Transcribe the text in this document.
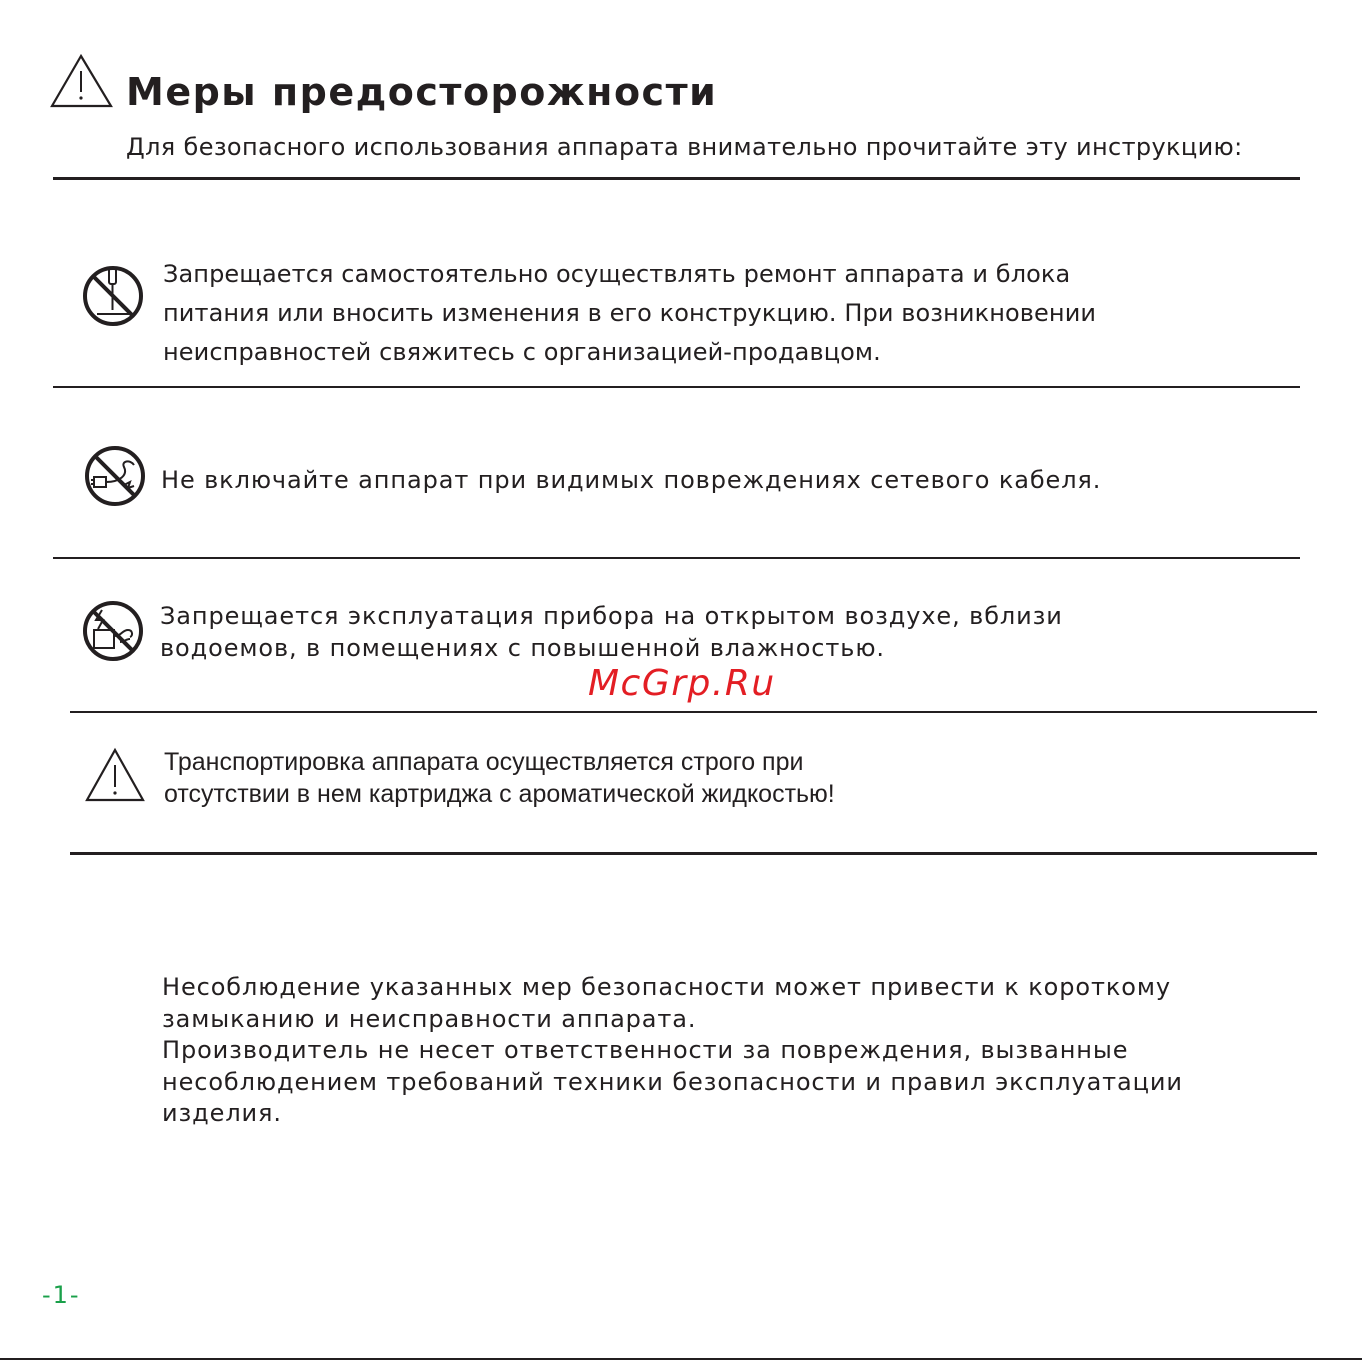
Меры предосторожности
Для безопасного использования аппарата внимательно прочитайте эту инструкцию:
Запрещается самостоятельно осуществлять ремонт аппарата и блока
питания или вносить изменения в его конструкцию. При возникновении
неисправностей свяжитесь с организацией-продавцом.
Не включайте аппарат при видимых повреждениях сетевого кабеля.
Запрещается эксплуатация прибора на открытом воздухе, вблизи
водоемов, в помещениях с повышенной влажностью.
McGrp.Ru
Транспортировка аппарата осуществляется строго при
отсутствии в нем картриджа с ароматической жидкостью!
Несоблюдение указанных мер безопасности может привести к короткому
замыканию и неисправности аппарата.
Производитель не несет ответственности за повреждения, вызванные
несоблюдением требований техники безопасности и правил эксплуатации
изделия.
-1-
